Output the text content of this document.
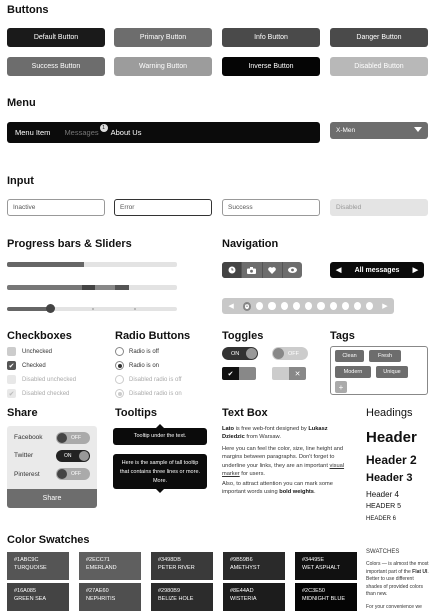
Buttons
Default Button	Primary Button	Info Button	Danger Button
Success Button	Warning Button	Inverse Button	Disabled Button
Menu
Menu Item Messages 1 About Us	X-Men
Input
Inactive	Error	Success	Disabled
Progress bars & Sliders	Navigation
◀ All messages ▶
◀	1	▶
Checkboxes
Unchecked
✔ Checked
Disabled unchecked
✔ Disabled checked
Radio Buttons
Radio is off
Radio is on
Disabled radio is off
Disabled radio is on
Toggles
ON	OFF
✔	✕
Tags
Clean	Fresh
Modern	Unique
+
Share
Facebook	OFF
Twitter	ON
Pinterest	OFF
Share
Tooltips
Tooltip under the text.
Here is the sample of tall tooltip that contains three lines or more. More.
Text Box

Lato is free web-font designed by Lukasz Dziedzic from Warsaw.

Here you can feel the color, size, line height and margins between paragraphs. Don't forget to underline your links, they are an important visual marker for users.

Also, to attract attention you can mark some important words using bold weights.

Headings
Header
Header 2
Header 3
Header 4
HEADER 5
HEADER 6
Color Swatches
#1ABC9C
TURQUOISE
#2ECC71
EMERLAND
#3498DB
PETER RIVER
#9B59B6
AMETHYST
#34495E
WET ASPHALT
#16A085
GREEN SEA
#27AE60
NEPHRITIS
#2980B9
BELIZE HOLE
#8E44AD
WISTERIA
#2C3E50
MIDNIGHT BLUE
SWATCHES

Colors — is almost the most important part of the Flat UI. Better to use different shades of provided colors than new.

For your convenience we
